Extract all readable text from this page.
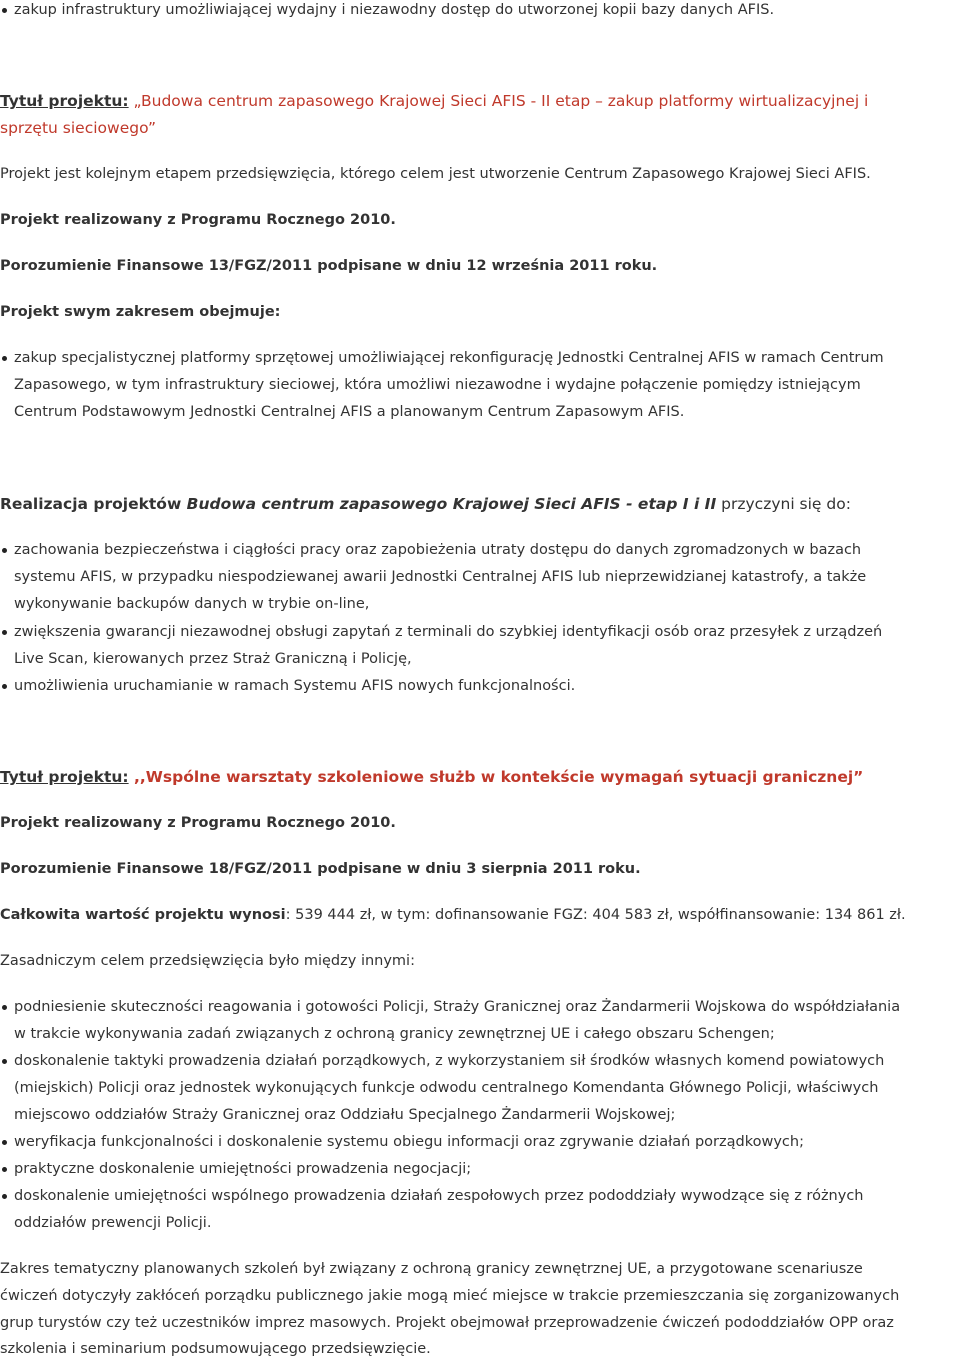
zakup infrastruktury umożliwiającej wydajny i niezawodny dostęp do utworzonej kopii bazy danych AFIS.
Tytuł projektu: „Budowa centrum zapasowego Krajowej Sieci AFIS - II etap – zakup platformy wirtualizacyjnej i
sprzętu sieciowego”
Projekt jest kolejnym etapem przedsięwzięcia, którego celem jest utworzenie Centrum Zapasowego Krajowej Sieci AFIS.
Projekt realizowany z Programu Rocznego 2010.
Porozumienie Finansowe 13/FGZ/2011 podpisane w dniu 12 września 2011 roku.
Projekt swym zakresem obejmuje:
zakup specjalistycznej platformy sprzętowej umożliwiającej rekonfigurację Jednostki Centralnej AFIS w ramach Centrum
Zapasowego, w tym infrastruktury sieciowej, która umożliwi niezawodne i wydajne połączenie pomiędzy istniejącym
Centrum Podstawowym Jednostki Centralnej AFIS a planowanym Centrum Zapasowym AFIS.
Realizacja projektów Budowa centrum zapasowego Krajowej Sieci AFIS - etap I i II przyczyni się do:
zachowania bezpieczeństwa i ciągłości pracy oraz zapobieżenia utraty dostępu do danych zgromadzonych w bazach
systemu AFIS, w przypadku niespodziewanej awarii Jednostki Centralnej AFIS lub nieprzewidzianej katastrofy, a także
wykonywanie backupów danych w trybie on-line,
zwiększenia gwarancji niezawodnej obsługi zapytań z terminali do szybkiej identyfikacji osób oraz przesyłek z urządzeń
Live Scan, kierowanych przez Straż Graniczną i Policję,
umożliwienia uruchamianie w ramach Systemu AFIS nowych funkcjonalności.
Tytuł projektu: ,,Wspólne warsztaty szkoleniowe służb w kontekście wymagań sytuacji granicznej”
Projekt realizowany z Programu Rocznego 2010.
Porozumienie Finansowe 18/FGZ/2011 podpisane w dniu 3 sierpnia 2011 roku.
Całkowita wartość projektu wynosi: 539 444 zł, w tym: dofinansowanie FGZ: 404 583 zł, współfinansowanie: 134 861 zł.
Zasadniczym celem przedsięwzięcia było między innymi:
podniesienie skuteczności reagowania i gotowości Policji, Straży Granicznej oraz Żandarmerii Wojskowa do współdziałania
w trakcie wykonywania zadań związanych z ochroną granicy zewnętrznej UE i całego obszaru Schengen;
doskonalenie taktyki prowadzenia działań porządkowych, z wykorzystaniem sił środków własnych komend powiatowych
(miejskich) Policji oraz jednostek wykonujących funkcje odwodu centralnego Komendanta Głównego Policji, właściwych
miejscowo oddziałów Straży Granicznej oraz Oddziału Specjalnego Żandarmerii Wojskowej;
weryfikacja funkcjonalności i doskonalenie systemu obiegu informacji oraz zgrywanie działań porządkowych;
praktyczne doskonalenie umiejętności prowadzenia negocjacji;
doskonalenie umiejętności wspólnego prowadzenia działań zespołowych przez pododdziały wywodzące się z różnych
oddziałów prewencji Policji.
Zakres tematyczny planowanych szkoleń był związany z ochroną granicy zewnętrznej UE, a przygotowane scenariusze
ćwiczeń dotyczyły zakłóceń porządku publicznego jakie mogą mieć miejsce w trakcie przemieszczania się zorganizowanych
grup turystów czy też uczestników imprez masowych. Projekt obejmował przeprowadzenie ćwiczeń pododdziałów OPP oraz
szkolenia i seminarium podsumowującego przedsięwzięcie.
